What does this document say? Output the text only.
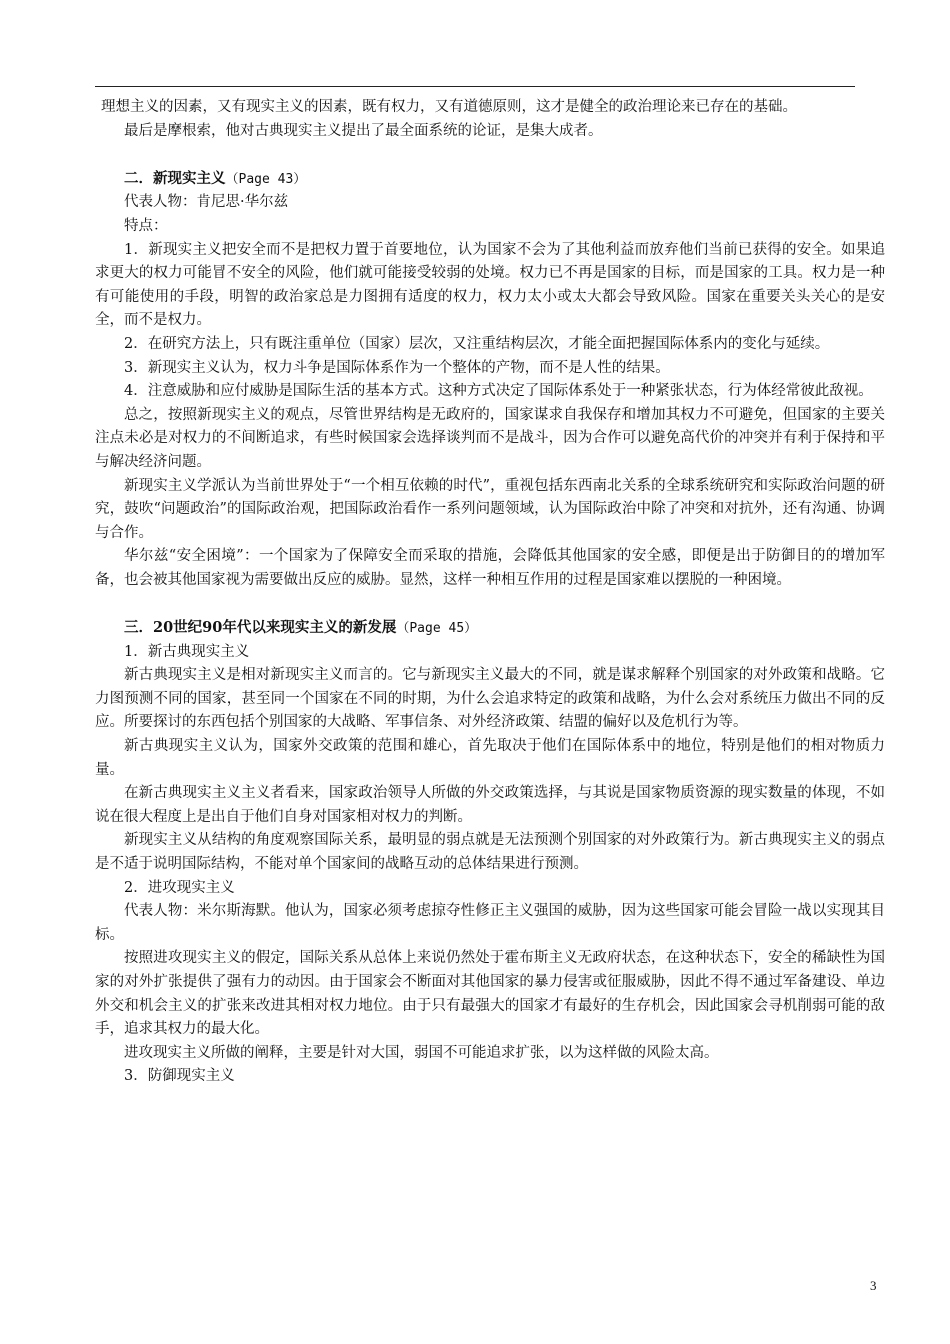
理想主义的因素，又有现实主义的因素，既有权力，又有道德原则，这才是健全的政治理论来已存在的基础。

最后是摩根索，他对古典现实主义提出了最全面系统的论证，是集大成者。

二．新现实主义（Page 43）

代表人物：肯尼思·华尔兹

特点：

1．新现实主义把安全而不是把权力置于首要地位，认为国家不会为了其他利益而放弃他们当前已获得的安全。如果追求更大的权力可能冒不安全的风险，他们就可能接受较弱的处境。权力已不再是国家的目标，而是国家的工具。权力是一种有可能使用的手段，明智的政治家总是力图拥有适度的权力，权力太小或太大都会导致风险。国家在重要关头关心的是安全，而不是权力。

2．在研究方法上，只有既注重单位（国家）层次，又注重结构层次，才能全面把握国际体系内的变化与延续。

3．新现实主义认为，权力斗争是国际体系作为一个整体的产物，而不是人性的结果。

4．注意威胁和应付威胁是国际生活的基本方式。这种方式决定了国际体系处于一种紧张状态，行为体经常彼此敌视。

总之，按照新现实主义的观点，尽管世界结构是无政府的，国家谋求自我保存和增加其权力不可避免，但国家的主要关注点未必是对权力的不间断追求，有些时候国家会选择谈判而不是战斗，因为合作可以避免高代价的冲突并有利于保持和平与解决经济问题。

新现实主义学派认为当前世界处于“一个相互依赖的时代”，重视包括东西南北关系的全球系统研究和实际政治问题的研究，鼓吹“问题政治”的国际政治观，把国际政治看作一系列问题领域，认为国际政治中除了冲突和对抗外，还有沟通、协调与合作。

华尔兹“安全困境”：一个国家为了保障安全而采取的措施，会降低其他国家的安全感，即便是出于防御目的的增加军备，也会被其他国家视为需要做出反应的威胁。显然，这样一种相互作用的过程是国家难以摆脱的一种困境。

三．20世纪90年代以来现实主义的新发展（Page 45）

1．新古典现实主义

新古典现实主义是相对新现实主义而言的。它与新现实主义最大的不同，就是谋求解释个别国家的对外政策和战略。它力图预测不同的国家，甚至同一个国家在不同的时期，为什么会追求特定的政策和战略，为什么会对系统压力做出不同的反应。所要探讨的东西包括个别国家的大战略、军事信条、对外经济政策、结盟的偏好以及危机行为等。

新古典现实主义认为，国家外交政策的范围和雄心，首先取决于他们在国际体系中的地位，特别是他们的相对物质力量。

在新古典现实主义主义者看来，国家政治领导人所做的外交政策选择，与其说是国家物质资源的现实数量的体现，不如说在很大程度上是出自于他们自身对国家相对权力的判断。

新现实主义从结构的角度观察国际关系，最明显的弱点就是无法预测个别国家的对外政策行为。新古典现实主义的弱点是不适于说明国际结构，不能对单个国家间的战略互动的总体结果进行预测。

2．进攻现实主义

代表人物：米尔斯海默。他认为，国家必须考虑掠夺性修正主义强国的威胁，因为这些国家可能会冒险一战以实现其目标。

按照进攻现实主义的假定，国际关系从总体上来说仍然处于霍布斯主义无政府状态，在这种状态下，安全的稀缺性为国家的对外扩张提供了强有力的动因。由于国家会不断面对其他国家的暴力侵害或征服威胁，因此不得不通过军备建设、单边外交和机会主义的扩张来改进其相对权力地位。由于只有最强大的国家才有最好的生存机会，因此国家会寻机削弱可能的敌手，追求其权力的最大化。

进攻现实主义所做的阐释，主要是针对大国，弱国不可能追求扩张，以为这样做的风险太高。

3．防御现实主义

3
